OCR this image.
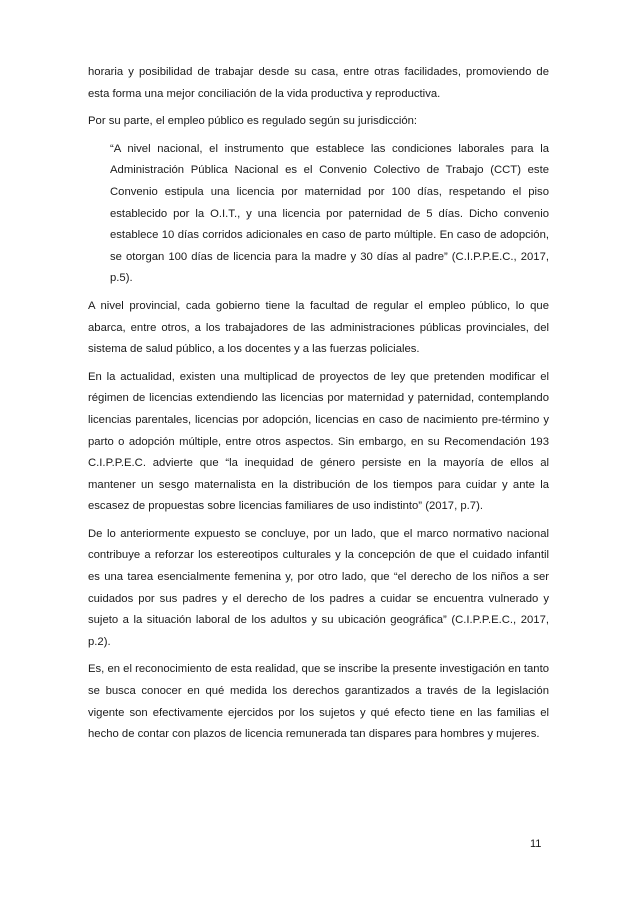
horaria y posibilidad de trabajar desde su casa, entre otras facilidades, promoviendo de esta forma una mejor conciliación de la vida productiva y reproductiva.

Por su parte, el empleo público es regulado según su jurisdicción:

“A nivel nacional, el instrumento que establece las condiciones laborales para la Administración Pública Nacional es el Convenio Colectivo de Trabajo (CCT) este Convenio estipula una licencia por maternidad por 100 días, respetando el piso establecido por la O.I.T., y una licencia por paternidad de 5 días. Dicho convenio establece 10 días corridos adicionales en caso de parto múltiple. En caso de adopción, se otorgan 100 días de licencia para la madre y 30 días al padre” (C.I.P.P.E.C., 2017, p.5).

A nivel provincial, cada gobierno tiene la facultad de regular el empleo público, lo que abarca, entre otros, a los trabajadores de las administraciones públicas provinciales, del sistema de salud público, a los docentes y a las fuerzas policiales.

En la actualidad, existen una multiplicad de proyectos de ley que pretenden modificar el régimen de licencias extendiendo las licencias por maternidad y paternidad, contemplando licencias parentales, licencias por adopción, licencias en caso de nacimiento pre-término y parto o adopción múltiple, entre otros aspectos. Sin embargo, en su Recomendación 193 C.I.P.P.E.C. advierte que “la inequidad de género persiste en la mayoría de ellos al mantener un sesgo maternalista en la distribución de los tiempos para cuidar y ante la escasez de propuestas sobre licencias familiares de uso indistinto” (2017, p.7).

De lo anteriormente expuesto se concluye, por un lado, que el marco normativo nacional contribuye a reforzar los estereotipos culturales y la concepción de que el cuidado infantil es una tarea esencialmente femenina y, por otro lado, que “el derecho de los niños a ser cuidados por sus padres y el derecho de los padres a cuidar se encuentra vulnerado y sujeto a la situación laboral de los adultos y su ubicación geográfica” (C.I.P.P.E.C., 2017, p.2).

Es, en el reconocimiento de esta realidad, que se inscribe la presente investigación en tanto se busca conocer en qué medida los derechos garantizados a través de la legislación vigente son efectivamente ejercidos por los sujetos y qué efecto tiene en las familias el hecho de contar con plazos de licencia remunerada tan dispares para hombres y mujeres.

11
